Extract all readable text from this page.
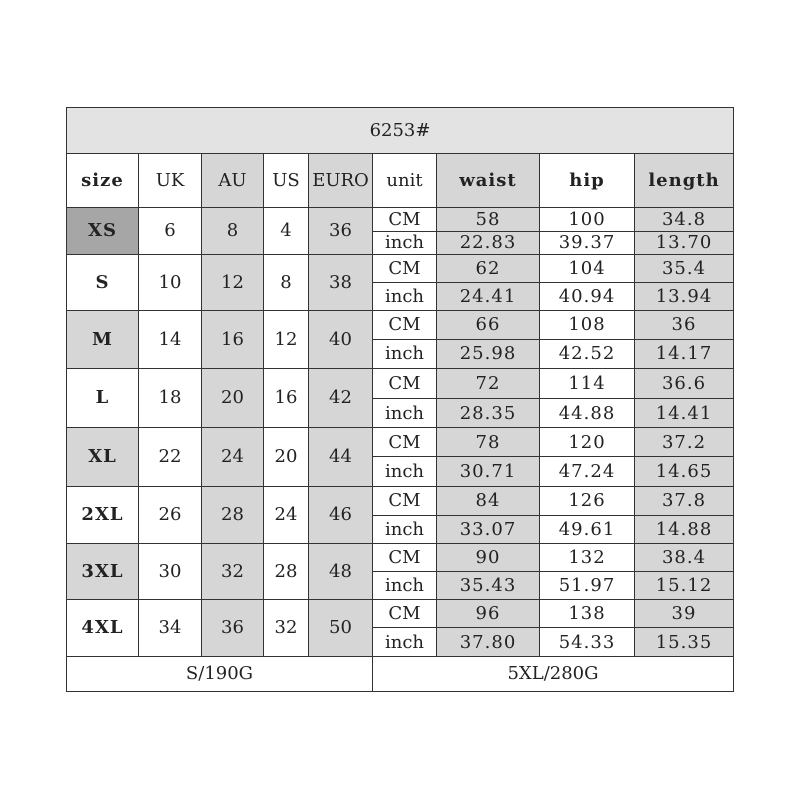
6253#								
size	UK	AU	US	EURO	unit	waist	hip	length
XS	6	8	4	36	CM	58	100	34.8
					inch	22.83	39.37	13.70
S	10	12	8	38	CM	62	104	35.4
					inch	24.41	40.94	13.94
M	14	16	12	40	CM	66	108	36
					inch	25.98	42.52	14.17
L	18	20	16	42	CM	72	114	36.6
					inch	28.35	44.88	14.41
XL	22	24	20	44	CM	78	120	37.2
					inch	30.71	47.24	14.65
2XL	26	28	24	46	CM	84	126	37.8
					inch	33.07	49.61	14.88
3XL	30	32	28	48	CM	90	132	38.4
					inch	35.43	51.97	15.12
4XL	34	36	32	50	CM	96	138	39
					inch	37.80	54.33	15.35
S/190G					5XL/280G			
